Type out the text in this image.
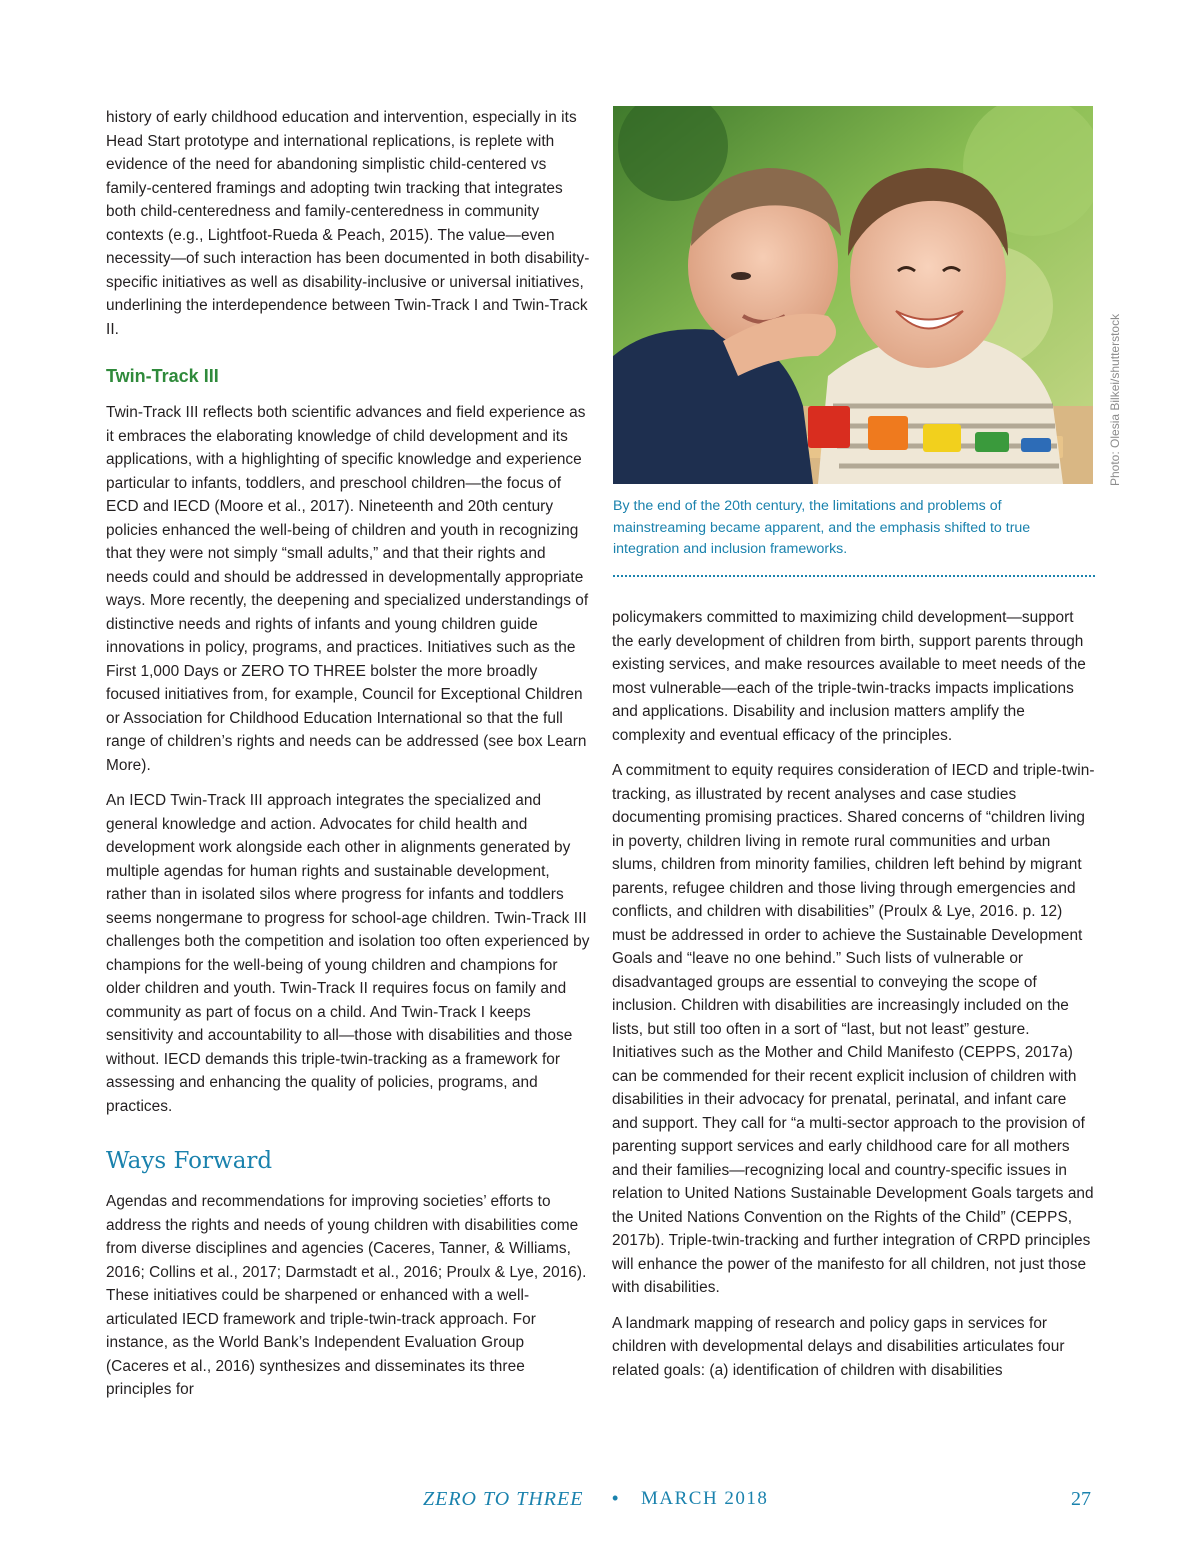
history of early childhood education and intervention, especially in its Head Start prototype and international replications, is replete with evidence of the need for abandoning simplistic child-centered vs family-centered framings and adopting twin tracking that integrates both child-centeredness and family-centeredness in community contexts (e.g., Lightfoot-Rueda & Peach, 2015). The value—even necessity—of such interaction has been documented in both disability-specific initiatives as well as disability-inclusive or universal initiatives, underlining the interdependence between Twin-Track I and Twin-Track II.

Twin-Track III

Twin-Track III reflects both scientific advances and field experience as it embraces the elaborating knowledge of child development and its applications, with a highlighting of specific knowledge and experience particular to infants, toddlers, and preschool children—the focus of ECD and IECD (Moore et al., 2017). Nineteenth and 20th century policies enhanced the well-being of children and youth in recognizing that they were not simply “small adults,” and that their rights and needs could and should be addressed in developmentally appropriate ways. More recently, the deepening and specialized understandings of distinctive needs and rights of infants and young children guide innovations in policy, programs, and practices. Initiatives such as the First 1,000 Days or ZERO TO THREE bolster the more broadly focused initiatives from, for example, Council for Exceptional Children or Association for Childhood Education International so that the full range of children’s rights and needs can be addressed (see box Learn More).

An IECD Twin-Track III approach integrates the specialized and general knowledge and action. Advocates for child health and development work alongside each other in alignments generated by multiple agendas for human rights and sustainable development, rather than in isolated silos where progress for infants and toddlers seems nongermane to progress for school-age children. Twin-Track III challenges both the competition and isolation too often experienced by champions for the well-being of young children and champions for older children and youth. Twin-Track II requires focus on family and community as part of focus on a child. And Twin-Track I keeps sensitivity and accountability to all—those with disabilities and those without. IECD demands this triple-twin-tracking as a framework for assessing and enhancing the quality of policies, programs, and practices.

Ways Forward

Agendas and recommendations for improving societies’ efforts to address the rights and needs of young children with disabilities come from diverse disciplines and agencies (Caceres, Tanner, & Williams, 2016; Collins et al., 2017; Darmstadt et al., 2016; Proulx & Lye, 2016). These initiatives could be sharpened or enhanced with a well-articulated IECD framework and triple-twin-track approach. For instance, as the World Bank’s Independent Evaluation Group (Caceres et al., 2016) synthesizes and disseminates its three principles for

Photo: Olesia Bilkei/shutterstock

By the end of the 20th century, the limitations and problems of mainstreaming became apparent, and the emphasis shifted to true integration and inclusion frameworks.

policymakers committed to maximizing child development—support the early development of children from birth, support parents through existing services, and make resources available to meet needs of the most vulnerable—each of the triple-twin-tracks impacts implications and applications. Disability and inclusion matters amplify the complexity and eventual efficacy of the principles.

A commitment to equity requires consideration of IECD and triple-twin-tracking, as illustrated by recent analyses and case studies documenting promising practices. Shared concerns of “children living in poverty, children living in remote rural communities and urban slums, children from minority families, children left behind by migrant parents, refugee children and those living through emergencies and conflicts, and children with disabilities” (Proulx & Lye, 2016. p. 12) must be addressed in order to achieve the Sustainable Development Goals and “leave no one behind.” Such lists of vulnerable or disadvantaged groups are essential to conveying the scope of inclusion. Children with disabilities are increasingly included on the lists, but still too often in a sort of “last, but not least” gesture. Initiatives such as the Mother and Child Manifesto (CEPPS, 2017a) can be commended for their recent explicit inclusion of children with disabilities in their advocacy for prenatal, perinatal, and infant care and support. They call for “a multi-sector approach to the provision of parenting support services and early childhood care for all mothers and their families—recognizing local and country-specific issues in relation to United Nations Sustainable Development Goals targets and the United Nations Convention on the Rights of the Child” (CEPPS, 2017b). Triple-twin-tracking and further integration of CRPD principles will enhance the power of the manifesto for all children, not just those with disabilities.

A landmark mapping of research and policy gaps in services for children with developmental delays and disabilities articulates four related goals: (a) identification of children with disabilities

ZERO TO THREE • MARCH 2018	27
